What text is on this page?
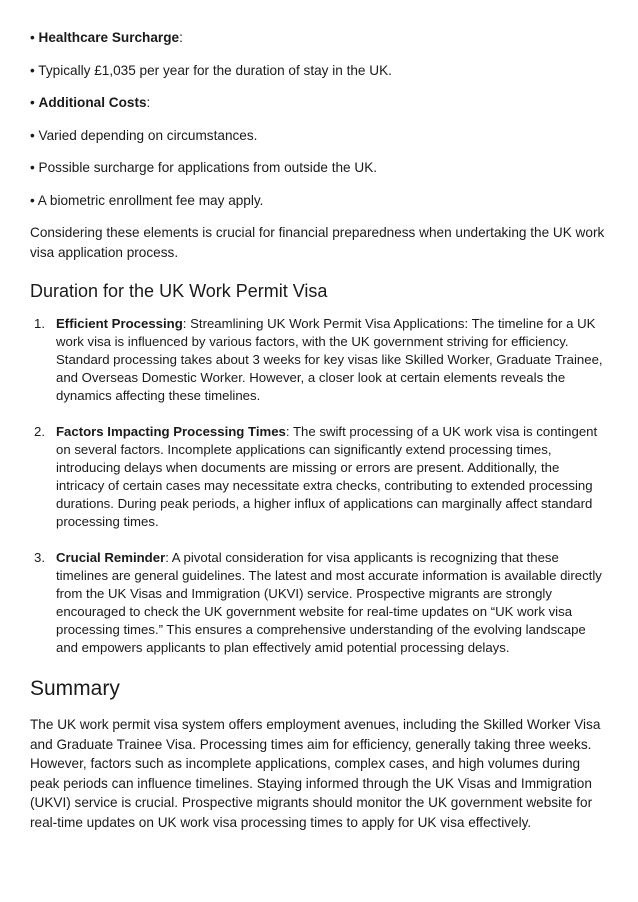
• Healthcare Surcharge:

• Typically £1,035 per year for the duration of stay in the UK.

• Additional Costs:

• Varied depending on circumstances.

• Possible surcharge for applications from outside the UK.

• A biometric enrollment fee may apply.

Considering these elements is crucial for financial preparedness when undertaking the UK work visa application process.

Duration for the UK Work Permit Visa
1. Efficient Processing: Streamlining UK Work Permit Visa Applications: The timeline for a UK work visa is influenced by various factors, with the UK government striving for efficiency. Standard processing takes about 3 weeks for key visas like Skilled Worker, Graduate Trainee, and Overseas Domestic Worker. However, a closer look at certain elements reveals the dynamics affecting these timelines.
2. Factors Impacting Processing Times: The swift processing of a UK work visa is contingent on several factors. Incomplete applications can significantly extend processing times, introducing delays when documents are missing or errors are present. Additionally, the intricacy of certain cases may necessitate extra checks, contributing to extended processing durations. During peak periods, a higher influx of applications can marginally affect standard processing times.
3. Crucial Reminder: A pivotal consideration for visa applicants is recognizing that these timelines are general guidelines. The latest and most accurate information is available directly from the UK Visas and Immigration (UKVI) service. Prospective migrants are strongly encouraged to check the UK government website for real-time updates on “UK work visa processing times.” This ensures a comprehensive understanding of the evolving landscape and empowers applicants to plan effectively amid potential processing delays.
Summary

The UK work permit visa system offers employment avenues, including the Skilled Worker Visa and Graduate Trainee Visa. Processing times aim for efficiency, generally taking three weeks. However, factors such as incomplete applications, complex cases, and high volumes during peak periods can influence timelines. Staying informed through the UK Visas and Immigration (UKVI) service is crucial. Prospective migrants should monitor the UK government website for real-time updates on UK work visa processing times to apply for UK visa effectively.
